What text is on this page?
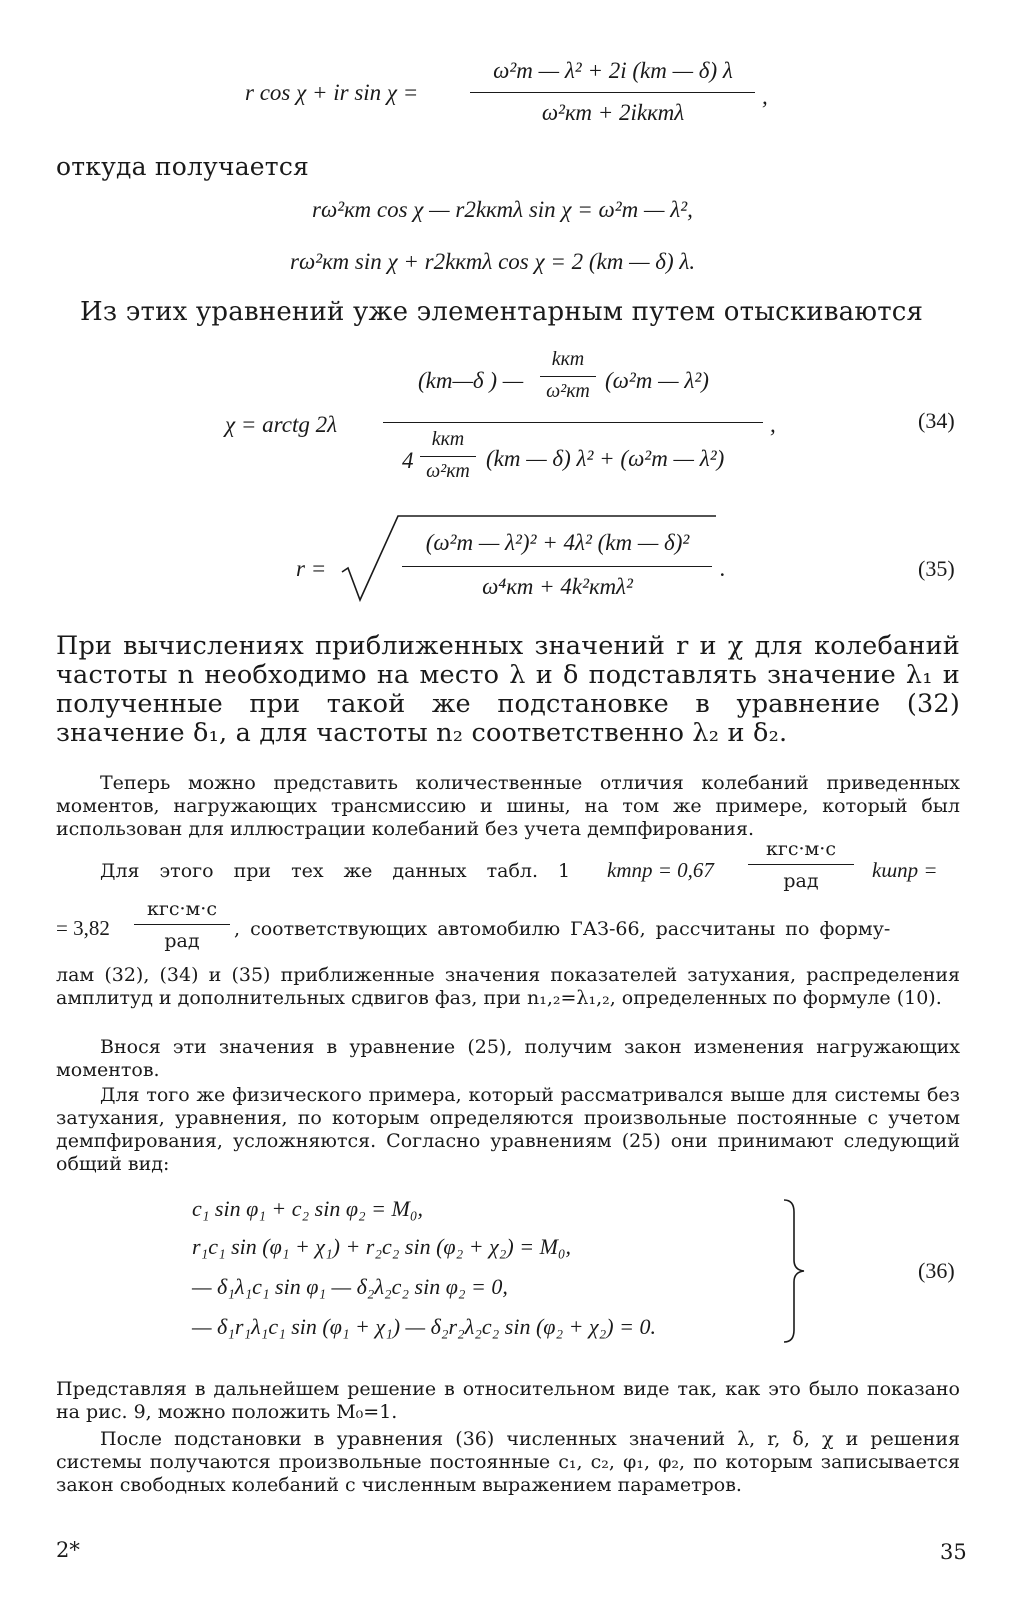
r cos χ + ir sin χ =
ω²т — λ² + 2i (kт — δ) λ
ω²кт + 2ikктλ
,
откуда получается
rω²кт cos χ — r2kктλ sin χ = ω²т — λ²,
rω²кт sin χ + r2kктλ cos χ = 2 (kт — δ) λ.
Из этих уравнений уже элементарным путем отыскиваются
χ = arctg 2λ
(kт—δ ) —
kкт
ω²кт (ω²т — λ²)
4
kкт
ω²кт (kт — δ) λ² + (ω²т — λ²)
,	(34)
r =
(ω²т — λ²)² + 4λ² (kт — δ)²
ω⁴кт + 4k²ктλ²
.	(35)
При вычислениях приближенных значений r и χ для колебаний частоты n необходимо на место λ и δ подставлять значение λ₁ и полученные при такой же подстановке в уравнение (32) значение δ₁, а для частоты n₂ соответственно λ₂ и δ₂.
Теперь можно представить количественные отличия колебаний приведенных моментов, нагружающих трансмиссию и шины, на том же примере, который был использован для иллюстрации колебаний без учета демпфирования.
Для этого при тех же данных табл. 1 kтпр = 0,67
кгс·м·с
рад	kшпр =
= 3,82
кгс·м·с
рад
, соответствующих автомобилю ГАЗ-66, рассчитаны по форму-
лам (32), (34) и (35) приближенные значения показателей затухания, распределения амплитуд и дополнительных сдвигов фаз, при n₁,₂=λ₁,₂, определенных по формуле (10).
Внося эти значения в уравнение (25), получим закон изменения нагружающих моментов.
Для того же физического примера, который рассматривался выше для системы без затухания, уравнения, по которым определяются произвольные постоянные с учетом демпфирования, усложняются. Согласно уравнениям (25) они принимают следующий общий вид:
c₁ sin φ₁ + c₂ sin φ₂ = M₀,
r₁c₁ sin (φ₁ + χ₁) + r₂c₂ sin (φ₂ + χ₂) = M₀,
— δ₁λ₁c₁ sin φ₁ — δ₂λ₂c₂ sin φ₂ = 0,
— δ₁r₁λ₁c₁ sin (φ₁ + χ₁) — δ₂r₂λ₂c₂ sin (φ₂ + χ₂) = 0.
(36)
Представляя в дальнейшем решение в относительном виде так, как это было показано на рис. 9, можно положить M₀=1.
После подстановки в уравнения (36) численных значений λ, r, δ, χ и решения системы получаются произвольные постоянные c₁, c₂, φ₁, φ₂, по которым записывается закон свободных колебаний с численным выражением параметров.
2*	35
